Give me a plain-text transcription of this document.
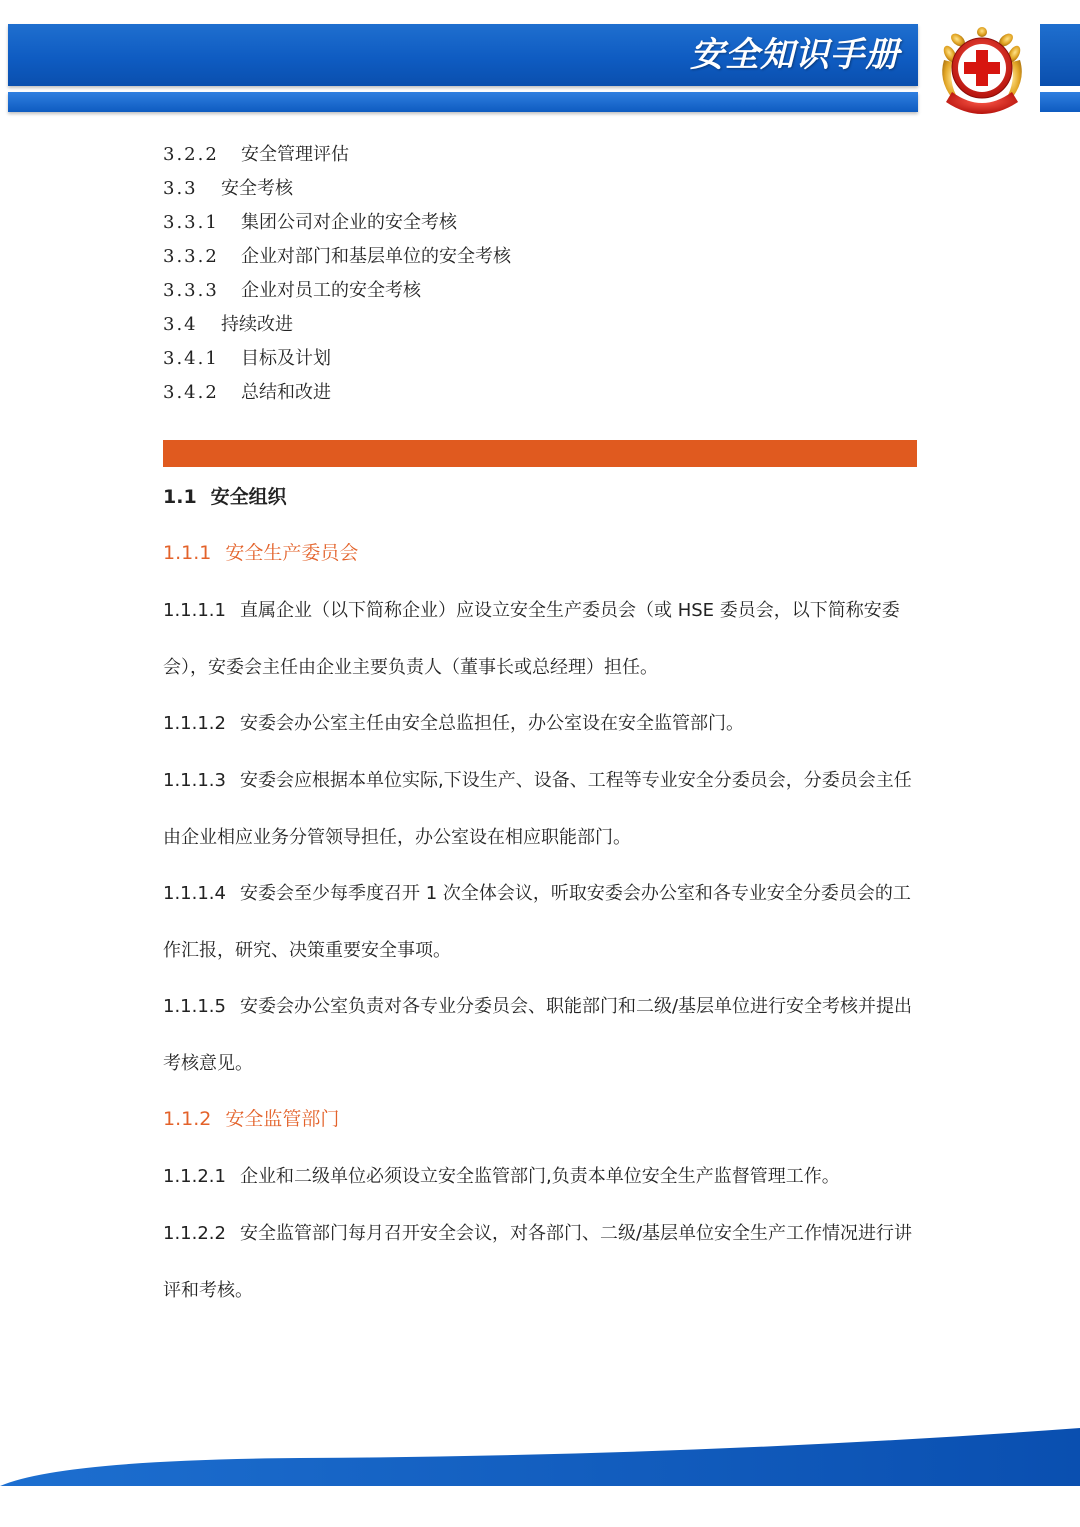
安全知识手册
3.2.2 安全管理评估
3.3 安全考核
3.3.1 集团公司对企业的安全考核
3.3.2 企业对部门和基层单位的安全考核
3.3.3 企业对员工的安全考核
3.4 持续改进
3.4.1 目标及计划
3.4.2 总结和改进
1.1 安全组织
1.1.1 安全生产委员会
1.1.1.1 直属企业（以下简称企业）应设立安全生产委员会（或 HSE 委员会，以下简称安委会），安委会主任由企业主要负责人（董事长或总经理）担任。
1.1.1.2 安委会办公室主任由安全总监担任，办公室设在安全监管部门。
1.1.1.3 安委会应根据本单位实际,下设生产、设备、工程等专业安全分委员会，分委员会主任由企业相应业务分管领导担任，办公室设在相应职能部门。
1.1.1.4 安委会至少每季度召开 1 次全体会议，听取安委会办公室和各专业安全分委员会的工作汇报，研究、决策重要安全事项。
1.1.1.5 安委会办公室负责对各专业分委员会、职能部门和二级/基层单位进行安全考核并提出考核意见。
1.1.2 安全监管部门
1.1.2.1 企业和二级单位必须设立安全监管部门,负责本单位安全生产监督管理工作。
1.1.2.2 安全监管部门每月召开安全会议，对各部门、二级/基层单位安全生产工作情况进行讲评和考核。
